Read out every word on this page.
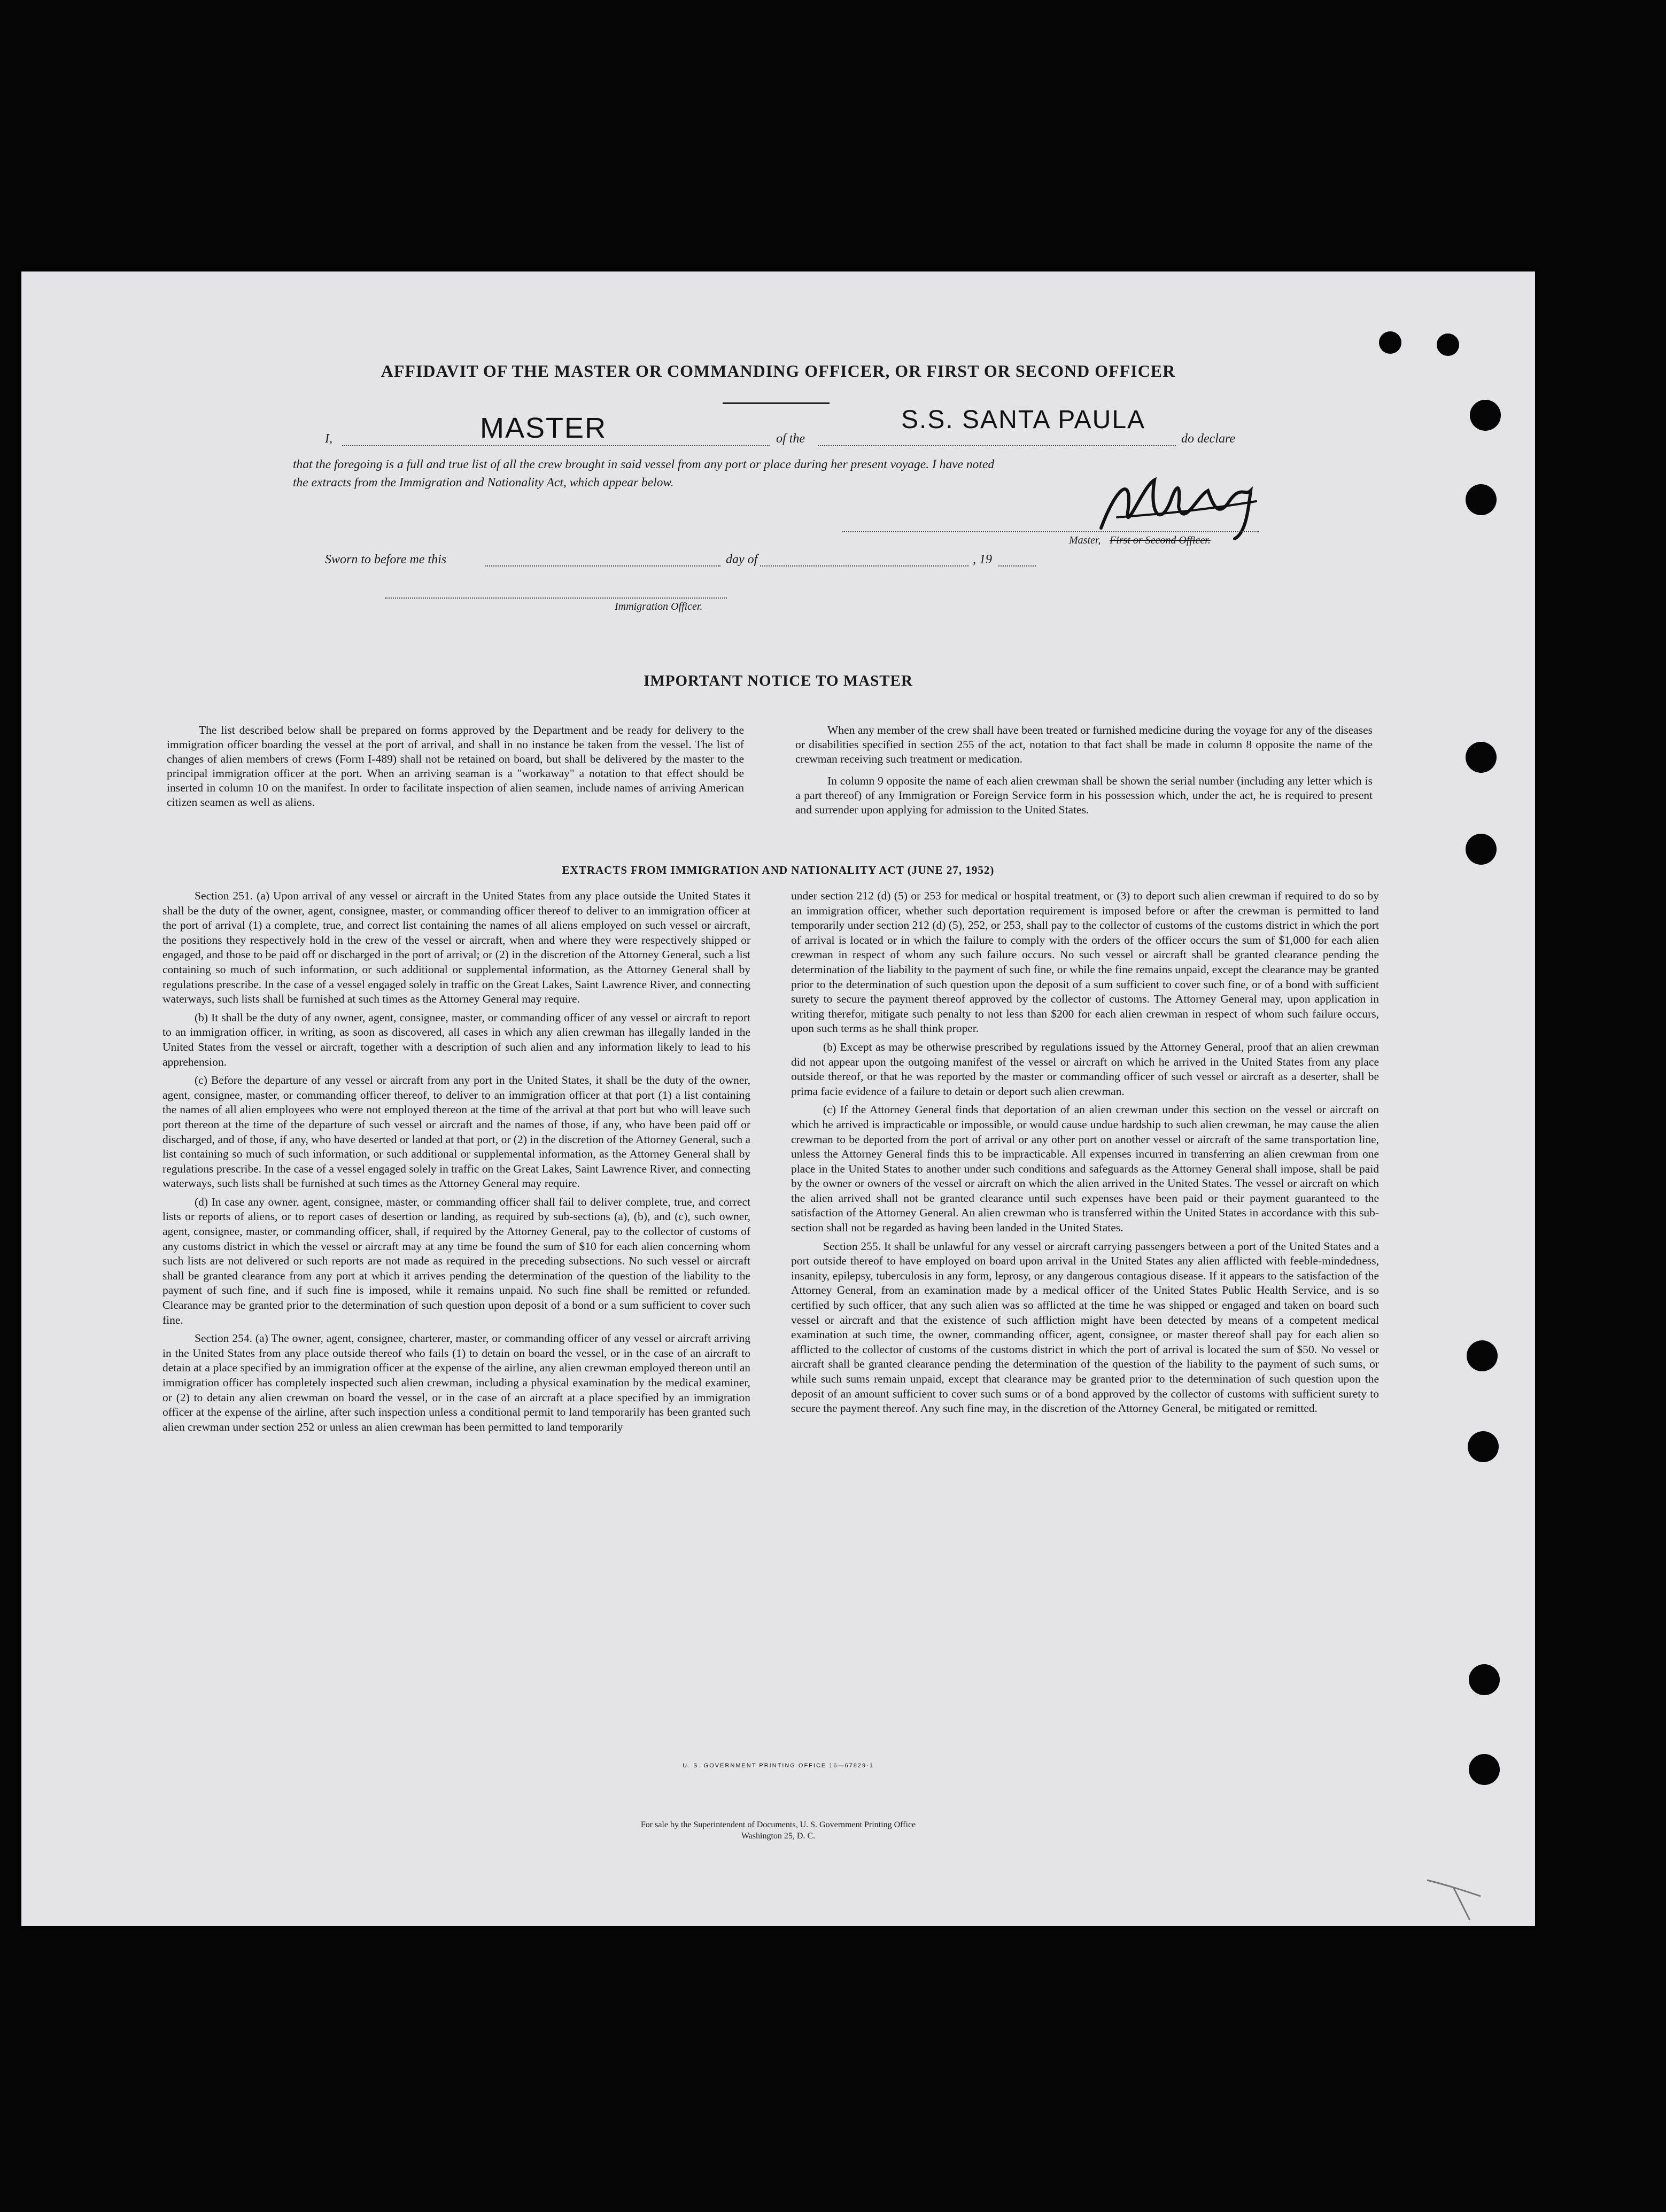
AFFIDAVIT OF THE MASTER OR COMMANDING OFFICER, OR FIRST OR SECOND OFFICER
I,	MASTER	of the
S.S. SANTA PAULA
do declare
that the foregoing is a full and true list of all the crew brought in said vessel from any port or place during her present voyage. I have noted
the extracts from the Immigration and Nationality Act, which appear below.
Master, First or Second Officer.
Sworn to before me this	day of	, 19
Immigration Officer.
IMPORTANT NOTICE TO MASTER

The list described below shall be prepared on forms approved by the Department and be ready for delivery to the immigration officer boarding the vessel at the port of arrival, and shall in no instance be taken from the vessel. The list of changes of alien members of crews (Form I-489) shall not be retained on board, but shall be delivered by the master to the principal immigration officer at the port. When an arriving seaman is a "workaway" a notation to that effect should be inserted in column 10 on the manifest. In order to facilitate inspection of alien seamen, include names of arriving American citizen seamen as well as aliens.

When any member of the crew shall have been treated or furnished medicine during the voyage for any of the diseases or disabilities specified in section 255 of the act, notation to that fact shall be made in column 8 opposite the name of the crewman receiving such treatment or medication.

In column 9 opposite the name of each alien crewman shall be shown the serial number (including any letter which is a part thereof) of any Immigration or Foreign Service form in his possession which, under the act, he is required to present and surrender upon applying for admission to the United States.

EXTRACTS FROM IMMIGRATION AND NATIONALITY ACT (JUNE 27, 1952)

Section 251. (a) Upon arrival of any vessel or aircraft in the United States from any place outside the United States it shall be the duty of the owner, agent, consignee, master, or commanding officer thereof to deliver to an immigration officer at the port of arrival (1) a complete, true, and correct list containing the names of all aliens employed on such vessel or aircraft, the positions they respectively hold in the crew of the vessel or aircraft, when and where they were respectively shipped or engaged, and those to be paid off or discharged in the port of arrival; or (2) in the discretion of the Attorney General, such a list containing so much of such information, or such additional or supplemental information, as the Attorney General shall by regulations prescribe. In the case of a vessel engaged solely in traffic on the Great Lakes, Saint Lawrence River, and connecting waterways, such lists shall be furnished at such times as the Attorney General may require.

(b) It shall be the duty of any owner, agent, consignee, master, or commanding officer of any vessel or aircraft to report to an immigration officer, in writing, as soon as discovered, all cases in which any alien crewman has illegally landed in the United States from the vessel or aircraft, together with a description of such alien and any information likely to lead to his apprehension.

(c) Before the departure of any vessel or aircraft from any port in the United States, it shall be the duty of the owner, agent, consignee, master, or commanding officer thereof, to deliver to an immigration officer at that port (1) a list containing the names of all alien employees who were not employed thereon at the time of the arrival at that port but who will leave such port thereon at the time of the departure of such vessel or aircraft and the names of those, if any, who have been paid off or discharged, and of those, if any, who have deserted or landed at that port, or (2) in the discretion of the Attorney General, such a list containing so much of such information, or such additional or supplemental information, as the Attorney General shall by regulations prescribe. In the case of a vessel engaged solely in traffic on the Great Lakes, Saint Lawrence River, and connecting waterways, such lists shall be furnished at such times as the Attorney General may require.

(d) In case any owner, agent, consignee, master, or commanding officer shall fail to deliver complete, true, and correct lists or reports of aliens, or to report cases of desertion or landing, as required by sub-sections (a), (b), and (c), such owner, agent, consignee, master, or commanding officer, shall, if required by the Attorney General, pay to the collector of customs of any customs district in which the vessel or aircraft may at any time be found the sum of $10 for each alien concerning whom such lists are not delivered or such reports are not made as required in the preceding subsections. No such vessel or aircraft shall be granted clearance from any port at which it arrives pending the determination of the question of the liability to the payment of such fine, and if such fine is imposed, while it remains unpaid. No such fine shall be remitted or refunded. Clearance may be granted prior to the determination of such question upon deposit of a bond or a sum sufficient to cover such fine.

Section 254. (a) The owner, agent, consignee, charterer, master, or commanding officer of any vessel or aircraft arriving in the United States from any place outside thereof who fails (1) to detain on board the vessel, or in the case of an aircraft to detain at a place specified by an immigration officer at the expense of the airline, any alien crewman employed thereon until an immigration officer has completely inspected such alien crewman, including a physical examination by the medical examiner, or (2) to detain any alien crewman on board the vessel, or in the case of an aircraft at a place specified by an immigration officer at the expense of the airline, after such inspection unless a conditional permit to land temporarily has been granted such alien crewman under section 252 or unless an alien crewman has been permitted to land temporarily

under section 212 (d) (5) or 253 for medical or hospital treatment, or (3) to deport such alien crewman if required to do so by an immigration officer, whether such deportation requirement is imposed before or after the crewman is permitted to land temporarily under section 212 (d) (5), 252, or 253, shall pay to the collector of customs of the customs district in which the port of arrival is located or in which the failure to comply with the orders of the officer occurs the sum of $1,000 for each alien crewman in respect of whom any such failure occurs. No such vessel or aircraft shall be granted clearance pending the determination of the liability to the payment of such fine, or while the fine remains unpaid, except the clearance may be granted prior to the determination of such question upon the deposit of a sum sufficient to cover such fine, or of a bond with sufficient surety to secure the payment thereof approved by the collector of customs. The Attorney General may, upon application in writing therefor, mitigate such penalty to not less than $200 for each alien crewman in respect of whom such failure occurs, upon such terms as he shall think proper.

(b) Except as may be otherwise prescribed by regulations issued by the Attorney General, proof that an alien crewman did not appear upon the outgoing manifest of the vessel or aircraft on which he arrived in the United States from any place outside thereof, or that he was reported by the master or commanding officer of such vessel or aircraft as a deserter, shall be prima facie evidence of a failure to detain or deport such alien crewman.

(c) If the Attorney General finds that deportation of an alien crewman under this section on the vessel or aircraft on which he arrived is impracticable or impossible, or would cause undue hardship to such alien crewman, he may cause the alien crewman to be deported from the port of arrival or any other port on another vessel or aircraft of the same transportation line, unless the Attorney General finds this to be impracticable. All expenses incurred in transferring an alien crewman from one place in the United States to another under such conditions and safeguards as the Attorney General shall impose, shall be paid by the owner or owners of the vessel or aircraft on which the alien arrived in the United States. The vessel or aircraft on which the alien arrived shall not be granted clearance until such expenses have been paid or their payment guaranteed to the satisfaction of the Attorney General. An alien crewman who is transferred within the United States in accordance with this sub-section shall not be regarded as having been landed in the United States.

Section 255. It shall be unlawful for any vessel or aircraft carrying passengers between a port of the United States and a port outside thereof to have employed on board upon arrival in the United States any alien afflicted with feeble-mindedness, insanity, epilepsy, tuberculosis in any form, leprosy, or any dangerous contagious disease. If it appears to the satisfaction of the Attorney General, from an examination made by a medical officer of the United States Public Health Service, and is so certified by such officer, that any such alien was so afflicted at the time he was shipped or engaged and taken on board such vessel or aircraft and that the existence of such affliction might have been detected by means of a competent medical examination at such time, the owner, commanding officer, agent, consignee, or master thereof shall pay for each alien so afflicted to the collector of customs of the customs district in which the port of arrival is located the sum of $50. No vessel or aircraft shall be granted clearance pending the determination of the question of the liability to the payment of such sums, or while such sums remain unpaid, except that clearance may be granted prior to the determination of such question upon the deposit of an amount sufficient to cover such sums or of a bond approved by the collector of customs with sufficient surety to secure the payment thereof. Any such fine may, in the discretion of the Attorney General, be mitigated or remitted.

U. S. GOVERNMENT PRINTING OFFICE 16—67829-1
For sale by the Superintendent of Documents, U. S. Government Printing Office
Washington 25, D. C.
